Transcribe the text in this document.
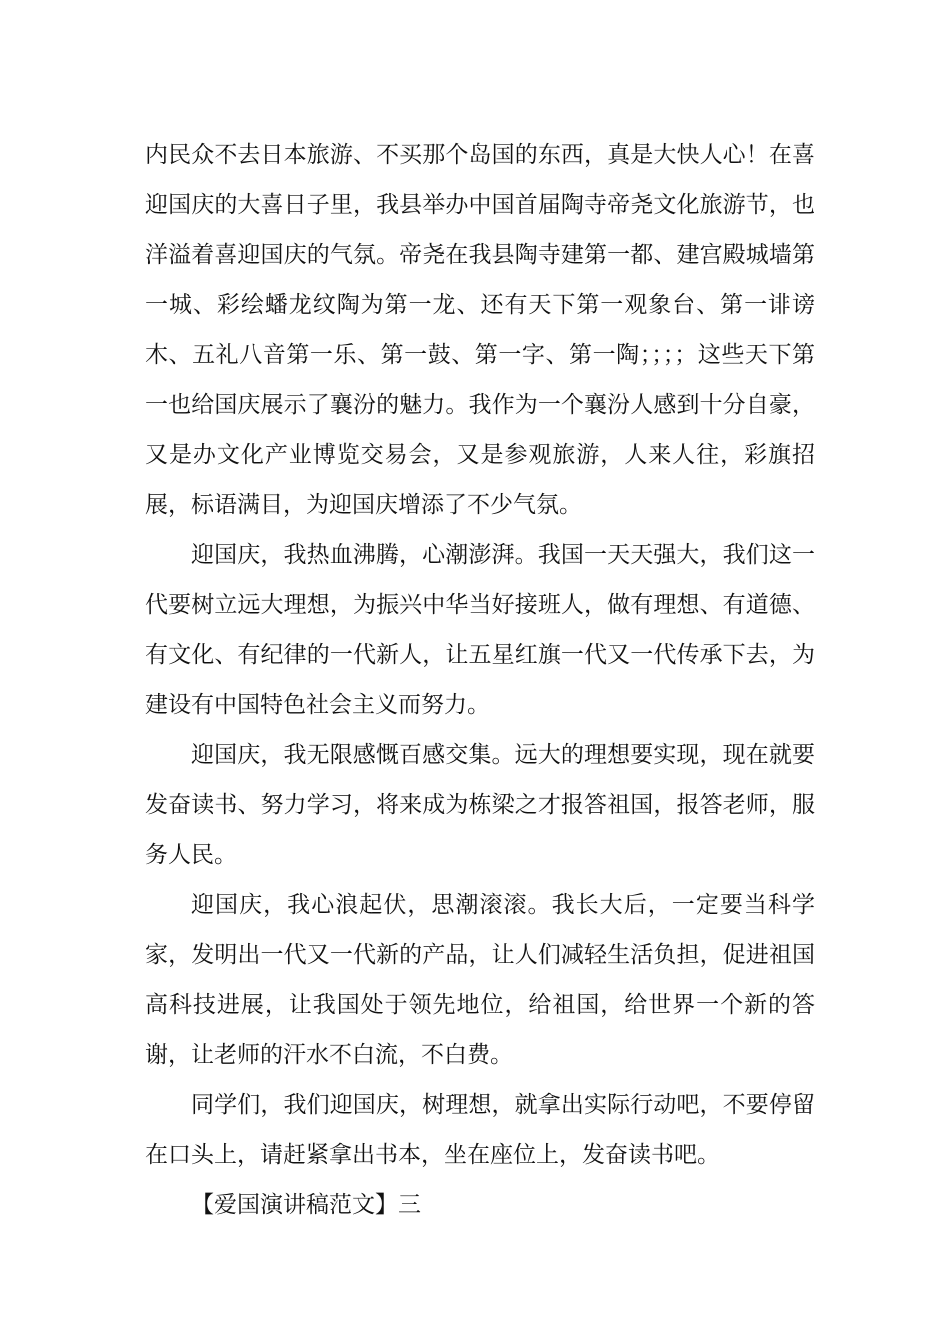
内民众不去日本旅游、不买那个岛国的东西，真是大快人心！在喜迎国庆的大喜日子里，我县举办中国首届陶寺帝尧文化旅游节，也洋溢着喜迎国庆的气氛。帝尧在我县陶寺建第一都、建宫殿城墙第一城、彩绘蟠龙纹陶为第一龙、还有天下第一观象台、第一诽谤木、五礼八音第一乐、第一鼓、第一字、第一陶；；；；这些天下第一也给国庆展示了襄汾的魅力。我作为一个襄汾人感到十分自豪，又是办文化产业博览交易会，又是参观旅游，人来人往，彩旗招展，标语满目，为迎国庆增添了不少气氛。

迎国庆，我热血沸腾，心潮澎湃。我国一天天强大，我们这一代要树立远大理想，为振兴中华当好接班人，做有理想、有道德、有文化、有纪律的一代新人，让五星红旗一代又一代传承下去，为建设有中国特色社会主义而努力。

迎国庆，我无限感慨百感交集。远大的理想要实现，现在就要发奋读书、努力学习，将来成为栋梁之才报答祖国，报答老师，服务人民。

迎国庆，我心浪起伏，思潮滚滚。我长大后，一定要当科学家，发明出一代又一代新的产品，让人们减轻生活负担，促进祖国高科技进展，让我国处于领先地位，给祖国，给世界一个新的答谢，让老师的汗水不白流，不白费。

同学们，我们迎国庆，树理想，就拿出实际行动吧，不要停留在口头上，请赶紧拿出书本，坐在座位上，发奋读书吧。

【爱国演讲稿范文】三
